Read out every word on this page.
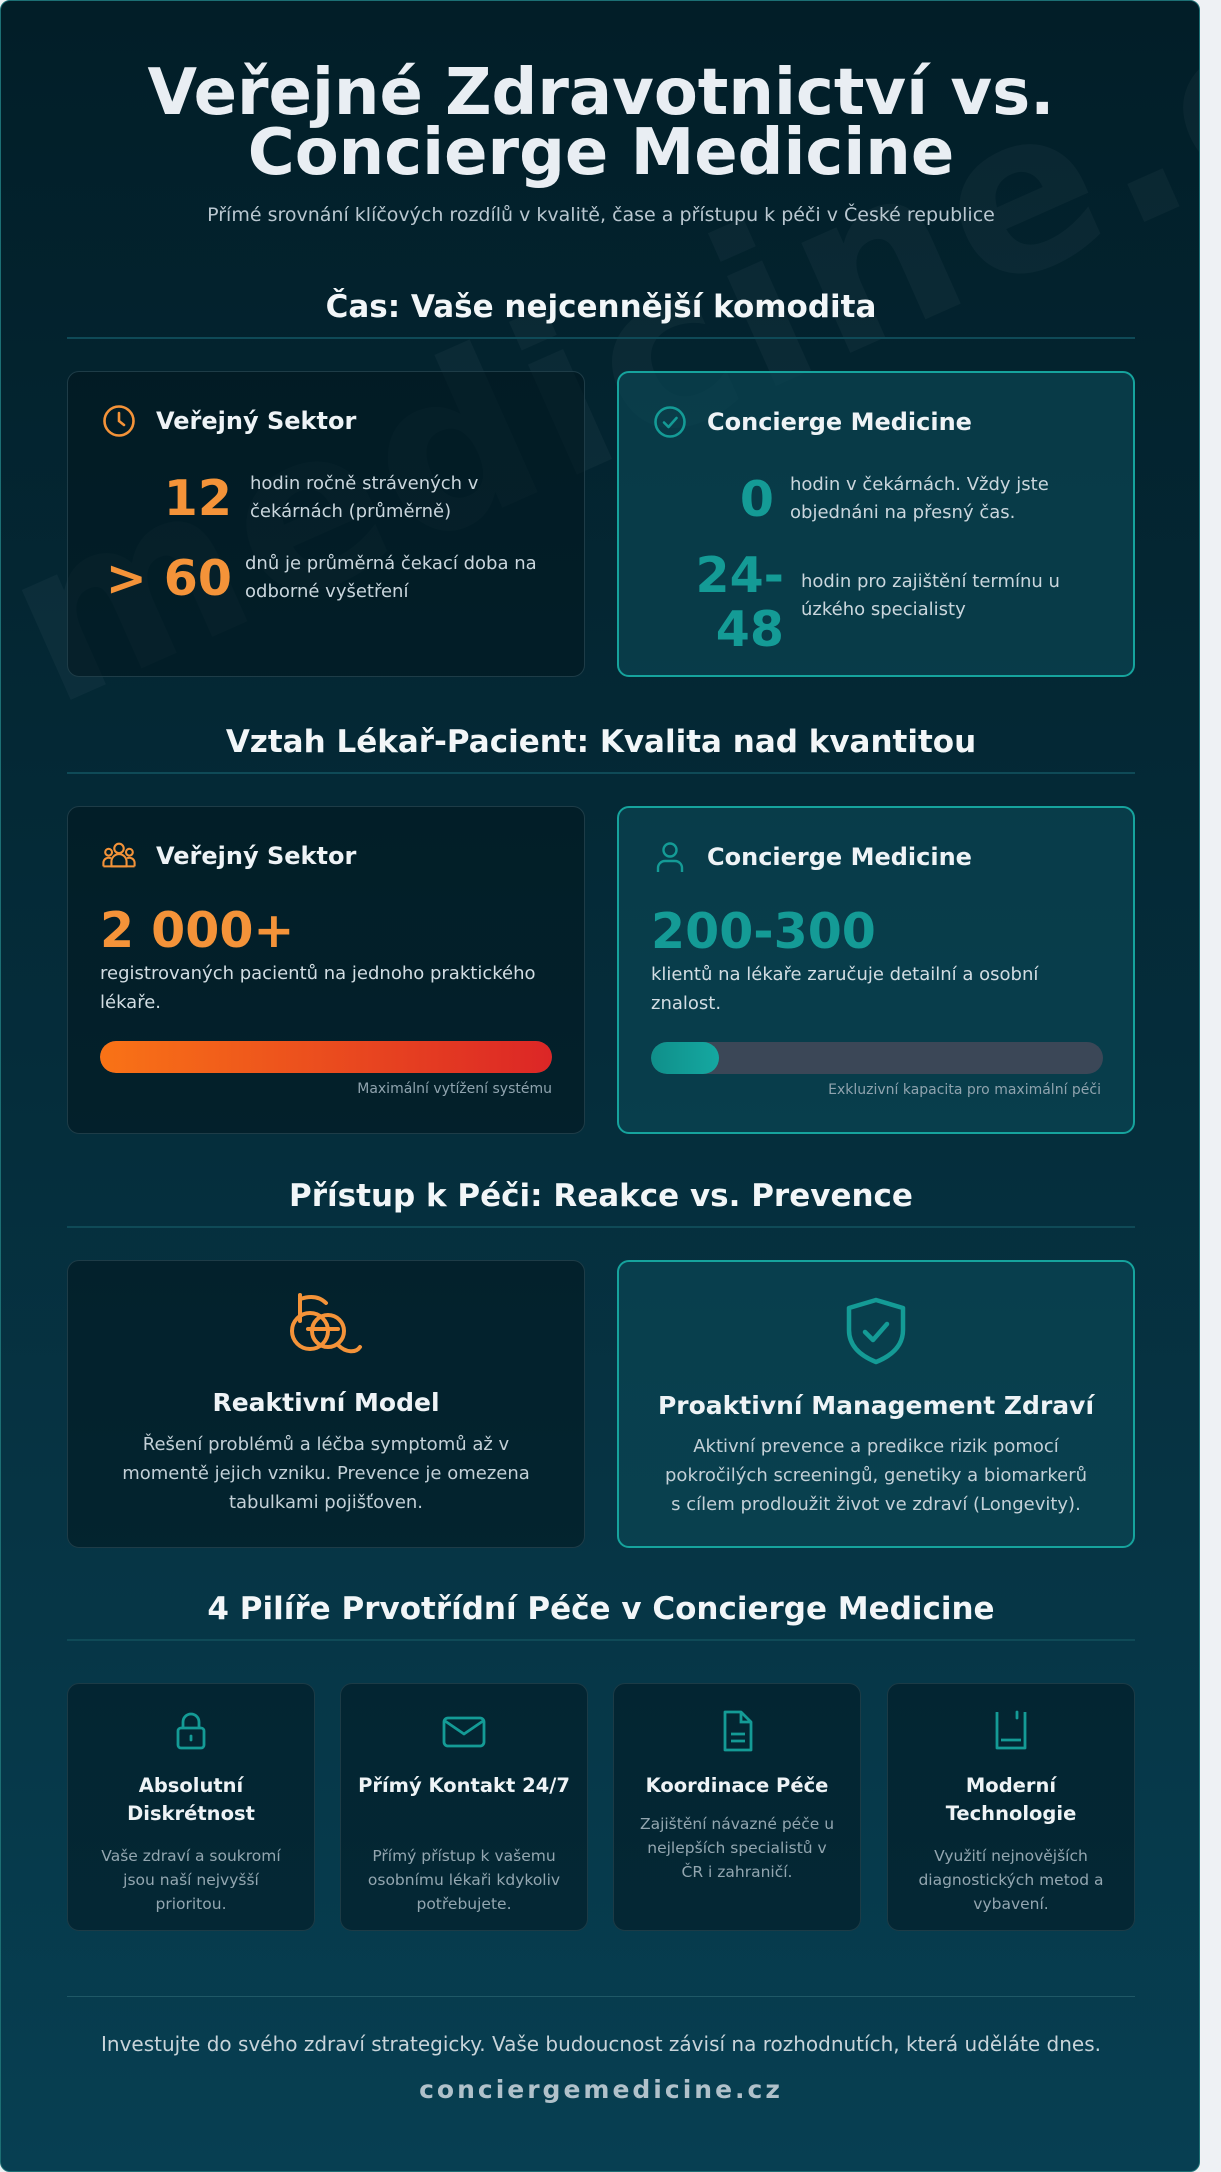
Veřejné Zdravotnictví vs.
Concierge Medicine
Přímé srovnání klíčových rozdílů v kvalitě, čase a přístupu k péči v České republice
Čas: Vaše nejcennější komodita
Veřejný Sektor
12 hodin ročně strávených v čekárnách (průměrně)
> 60 dnů je průměrná čekací doba na odborné vyšetření
Concierge Medicine
0 hodin v čekárnách. Vždy jste objednáni na přesný čas.
24-
48
hodin pro zajištění termínu u úzkého specialisty
Vztah Lékař-Pacient: Kvalita nad kvantitou
Veřejný Sektor
2 000+
registrovaných pacientů na jednoho praktického lékaře.
Maximální vytížení systému
Concierge Medicine
200-300
klientů na lékaře zaručuje detailní a osobní znalost.
Exkluzivní kapacita pro maximální péči
Přístup k Péči: Reakce vs. Prevence
Reaktivní Model
Řešení problémů a léčba symptomů až v momentě jejich vzniku. Prevence je omezena tabulkami pojišťoven.
Proaktivní Management Zdraví
Aktivní prevence a predikce rizik pomocí pokročilých screeningů, genetiky a biomarkerů s cílem prodloužit život ve zdraví (Longevity).
4 Pilíře Prvotřídní Péče v Concierge Medicine
Absolutní Diskrétnost
Vaše zdraví a soukromí jsou naší nejvyšší prioritou.
Přímý Kontakt 24/7
Přímý přístup k vašemu osobnímu lékaři kdykoliv potřebujete.
Koordinace Péče
Zajištění návazné péče u nejlepších specialistů v ČR i zahraničí.
Moderní Technologie
Využití nejnovějších diagnostických metod a vybavení.
Investujte do svého zdraví strategicky. Vaše budoucnost závisí na rozhodnutích, která uděláte dnes.
conciergemedicine.cz
